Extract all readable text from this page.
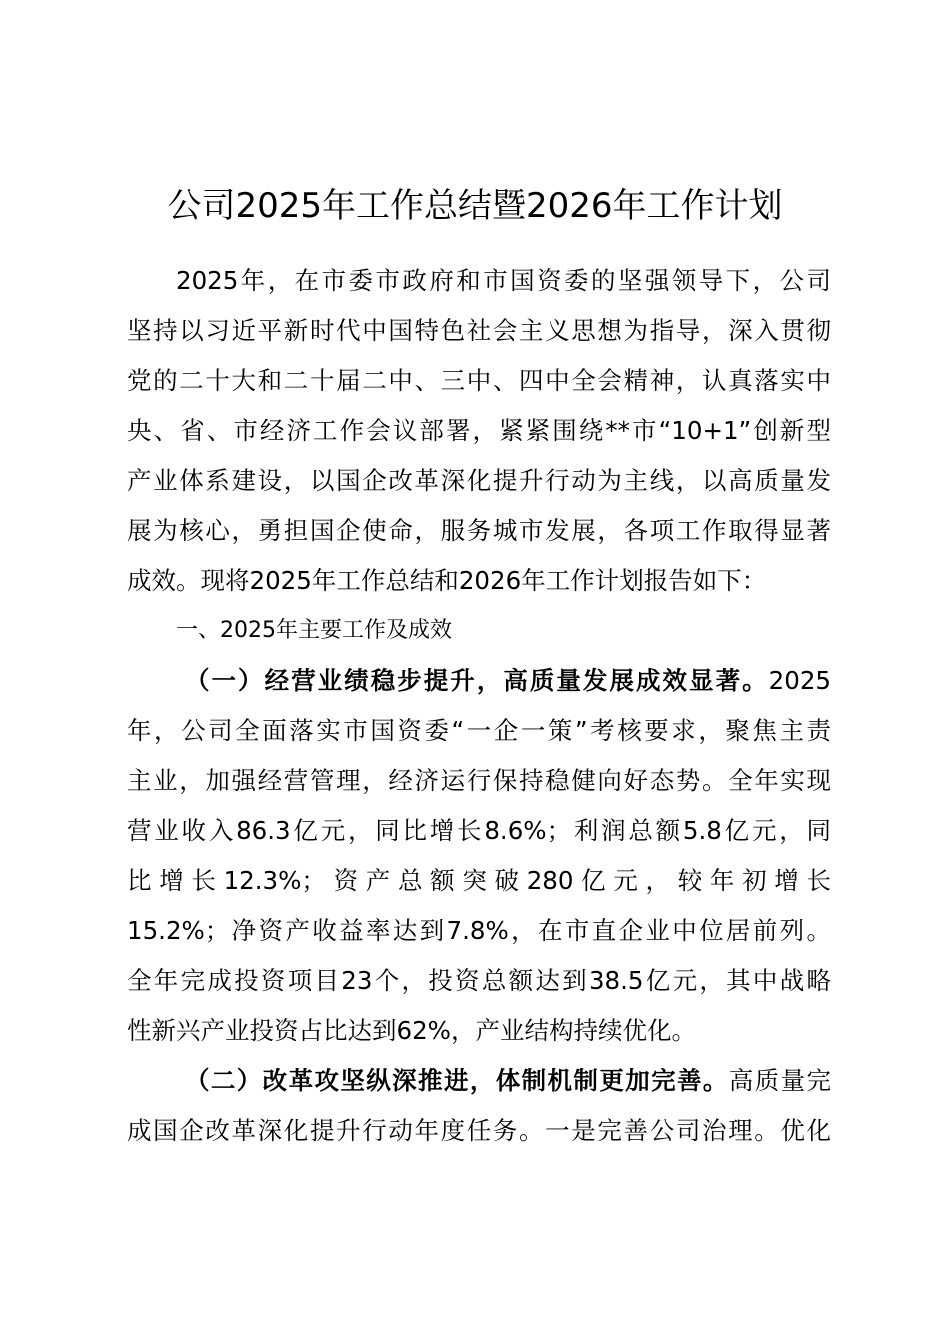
公司2025年工作总结暨2026年工作计划
2025年，在市委市政府和市国资委的坚强领导下，公司
坚持以习近平新时代中国特色社会主义思想为指导，深入贯彻
党的二十大和二十届二中、三中、四中全会精神，认真落实中
央、省、市经济工作会议部署，紧紧围绕**市“10+1”创新型
产业体系建设，以国企改革深化提升行动为主线，以高质量发
展为核心，勇担国企使命，服务城市发展，各项工作取得显著
成效。现将2025年工作总结和2026年工作计划报告如下：
一、2025年主要工作及成效
（一）经营业绩稳步提升，高质量发展成效显著。2025
年，公司全面落实市国资委“一企一策”考核要求，聚焦主责
主业，加强经营管理，经济运行保持稳健向好态势。全年实现
营业收入86.3亿元，同比增长8.6%；利润总额5.8亿元，同
比增长12.3%；资产总额突破280亿元，较年初增长
15.2%；净资产收益率达到7.8%，在市直企业中位居前列。
全年完成投资项目23个，投资总额达到38.5亿元，其中战略
性新兴产业投资占比达到62%，产业结构持续优化。
（二）改革攻坚纵深推进，体制机制更加完善。高质量完
成国企改革深化提升行动年度任务。一是完善公司治理。优化
